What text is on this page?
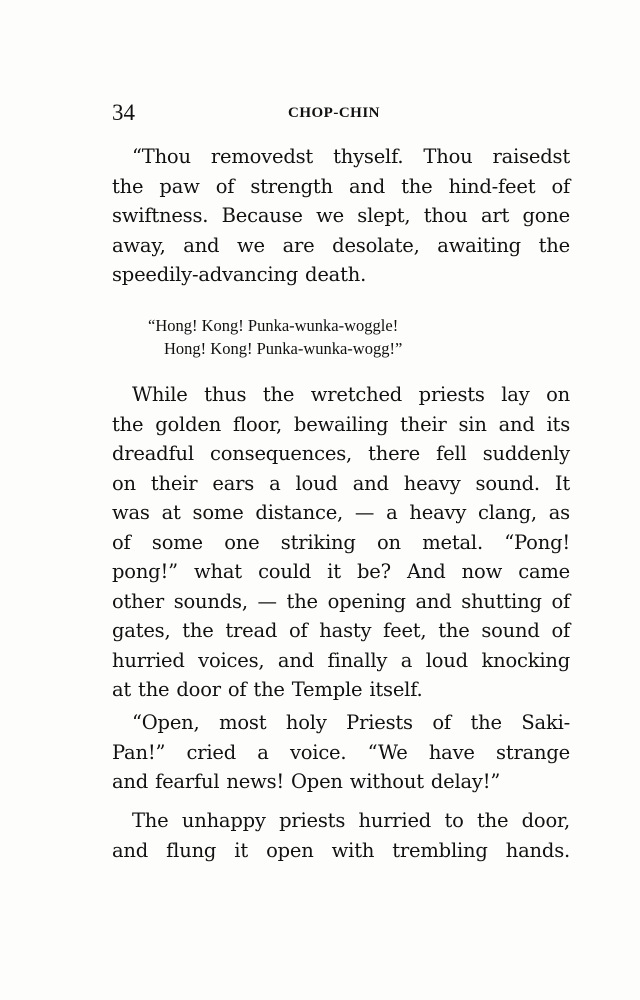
34	CHOP-CHIN
“Thou removedst thyself. Thou raisedst
the paw of strength and the hind-feet of
swiftness. Because we slept, thou art gone
away, and we are desolate, awaiting the
speedily-advancing death.
“Hong! Kong! Punka-wunka-woggle!
Hong! Kong! Punka-wunka-wogg!”
While thus the wretched priests lay on
the golden floor, bewailing their sin and its
dreadful consequences, there fell suddenly
on their ears a loud and heavy sound. It
was at some distance, — a heavy clang, as
of some one striking on metal. “Pong!
pong!” what could it be? And now came
other sounds, — the opening and shutting of
gates, the tread of hasty feet, the sound of
hurried voices, and finally a loud knocking
at the door of the Temple itself.
“Open, most holy Priests of the Saki-
Pan!” cried a voice. “We have strange
and fearful news! Open without delay!”
The unhappy priests hurried to the door,
and flung it open with trembling hands.
